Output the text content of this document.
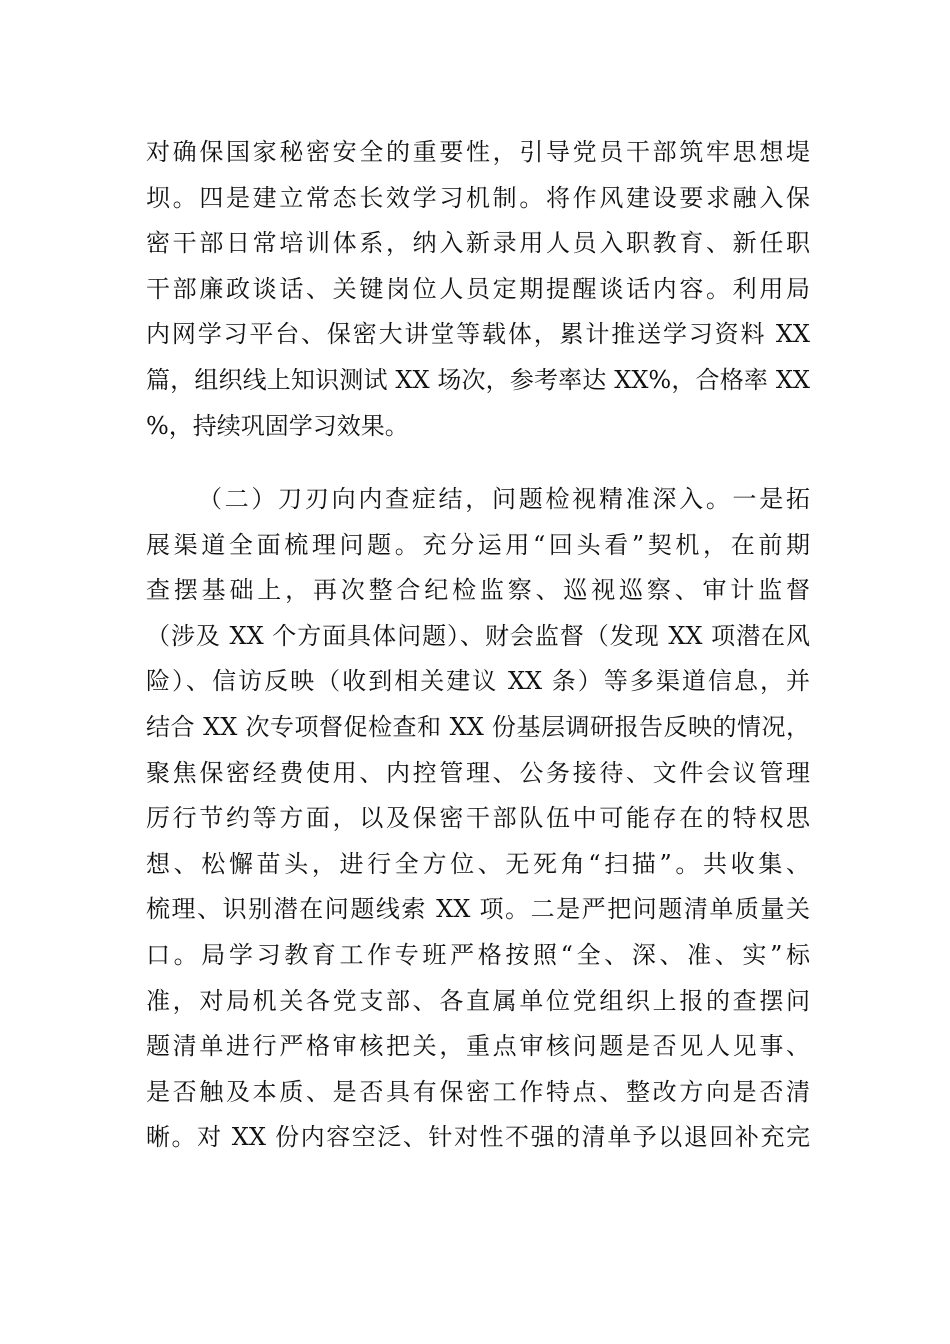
对确保国家秘密安全的重要性，引导党员干部筑牢思想堤
坝。四是建立常态长效学习机制。将作风建设要求融入保
密干部日常培训体系，纳入新录用人员入职教育、新任职
干部廉政谈话、关键岗位人员定期提醒谈话内容。利用局
内网学习平台、保密大讲堂等载体，累计推送学习资料 XX
篇，组织线上知识测试 XX 场次，参考率达 XX%，合格率 XX
%，持续巩固学习效果。
（二）刀刃向内查症结，问题检视精准深入。一是拓
展渠道全面梳理问题。充分运用“回头看”契机，在前期
查摆基础上，再次整合纪检监察、巡视巡察、审计监督
（涉及 XX 个方面具体问题）、财会监督（发现 XX 项潜在风
险）、信访反映（收到相关建议 XX 条）等多渠道信息，并
结合 XX 次专项督促检查和 XX 份基层调研报告反映的情况，
聚焦保密经费使用、内控管理、公务接待、文件会议管理
厉行节约等方面，以及保密干部队伍中可能存在的特权思
想、松懈苗头，进行全方位、无死角“扫描”。共收集、
梳理、识别潜在问题线索 XX 项。二是严把问题清单质量关
口。局学习教育工作专班严格按照“全、深、准、实”标
准，对局机关各党支部、各直属单位党组织上报的查摆问
题清单进行严格审核把关，重点审核问题是否见人见事、
是否触及本质、是否具有保密工作特点、整改方向是否清
晰。对 XX 份内容空泛、针对性不强的清单予以退回补充完
